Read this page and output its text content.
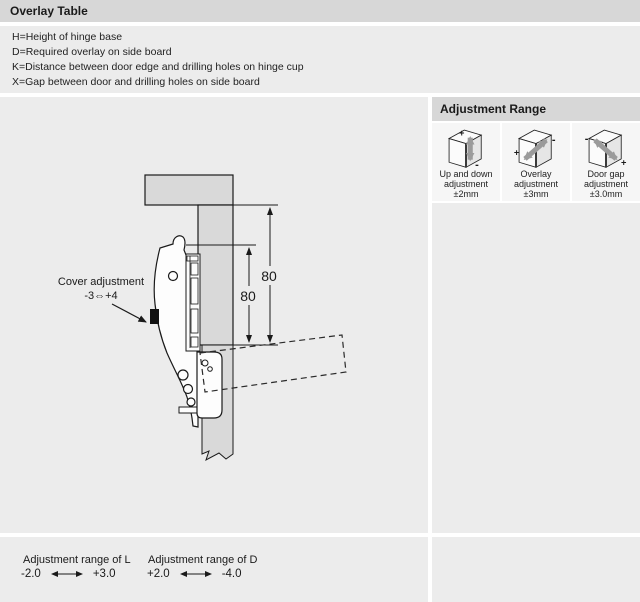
Overlay Table
H=Height of hinge base
D=Required overlay on side board
K=Distance between door edge and drilling holes on hinge cup
X=Gap between door and drilling holes on side board
80
80
Cover adjustment
-3⇔+4
Adjustment Range
+
-
Up and down
adjustment
±2mm
+
-
Overlay
adjustment
±3mm
-
+
Door gap
adjustment
±3.0mm
Adjustment range of L
-2.0	+3.0
Adjustment range of D
+2.0	-4.0
